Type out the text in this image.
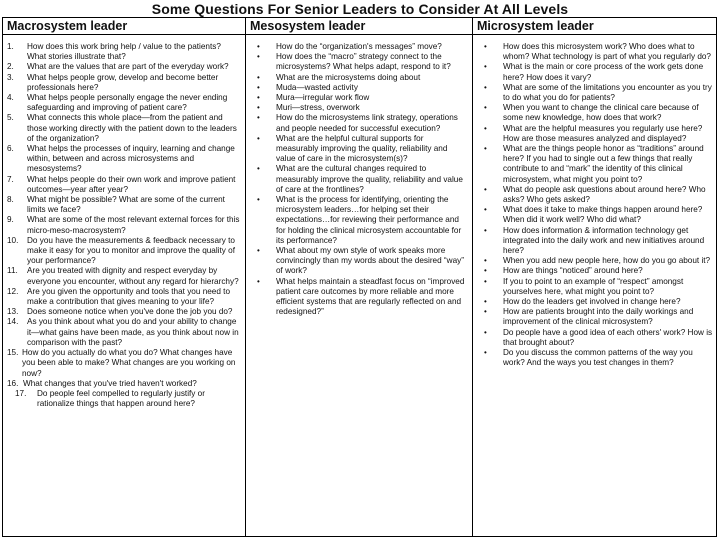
Some Questions For Senior Leaders to Consider At All Levels
Macrosystem leader
1. How does this work bring help / value to the patients? What stories illustrate that?
2. What are the values that are part of the everyday work?
3. What helps people grow, develop and become better professionals here?
4. What helps people personally engage the never ending safeguarding and improving of patient care?
5. What connects this whole place—from the patient and those working directly with the patient down to the leaders of the organization?
6. What helps the processes of inquiry, learning and change within, between and across microsystems and mesosystems?
7. What helps people do their own work and improve patient outcomes—year after year?
8. What might be possible? What are some of the current limits we face?
9. What are some of the most relevant external forces for this micro-meso-macrosystem?
10. Do you have the measurements & feedback necessary to make it easy for you to monitor and improve the quality of your performance?
11. Are you treated with dignity and respect everyday by everyone you encounter, without any regard for hierarchy?
12. Are you given the opportunity and tools that you need to make a contribution that gives meaning to your life?
13. Does someone notice when you've done the job you do?
14. As you think about what you do and your ability to change it—what gains have been made, as you think about now in comparison with the past?
15. How do you actually do what you do? What changes have you been able to make? What changes are you working on now?
16. What changes that you've tried haven't worked?
17.	Do people feel compelled to regularly justify or rationalize things that happen around here?
Mesosystem leader
• How do the “organization's messages” move?
• How does the “macro” strategy connect to the microsystems? What helps adapt, respond to it?
• What are the microsystems doing about
• Muda—wasted activity
• Mura—irregular work flow
• Muri—stress, overwork
• How do the microsystems link strategy, operations and people needed for successful execution?
• What are the helpful cultural supports for measurably improving the quality, reliability and value of care in the microsystem(s)?
• What are the cultural changes required to measurably improve the quality, reliability and value of care at the frontlines?
• What is the process for identifying, orienting the microsystem leaders…for helping set their expectations…for reviewing their performance and for holding the clinical microsystem accountable for its performance?
• What about my own style of work speaks more convincingly than my words about the desired “way” of work?
• What helps maintain a steadfast focus on “improved patient care outcomes by more reliable and more efficient systems that are regularly reflected on and redesigned?”
Microsystem leader
• How does this microsystem work? Who does what to whom? What technology is part of what you regularly do?
• What is the main or core process of the work gets done here? How does it vary?
• What are some of the limitations you encounter as you try to do what you do for patients?
• When you want to change the clinical care because of some new knowledge, how does that work?
• What are the helpful measures you regularly use here? How are those measures analyzed and displayed?
• What are the things people honor as “traditions” around here? If you had to single out a few things that really contribute to and “mark” the identity of this clinical microsystem, what might you point to?
• What do people ask questions about around here? Who asks? Who gets asked?
• What does it take to make things happen around here? When did it work well? Who did what?
• How does information & information technology get integrated into the daily work and new initiatives around here?
• When you add new people here, how do you go about it?
• How are things “noticed” around here?
• If you to point to an example of “respect” amongst yourselves here, what might you point to?
• How do the leaders get involved in change here?
• How are patients brought into the daily workings and improvement of the clinical microsystem?
• Do people have a good idea of each others' work? How is that brought about?
• Do you discuss the common patterns of the way you work? And the ways you test changes in them?
